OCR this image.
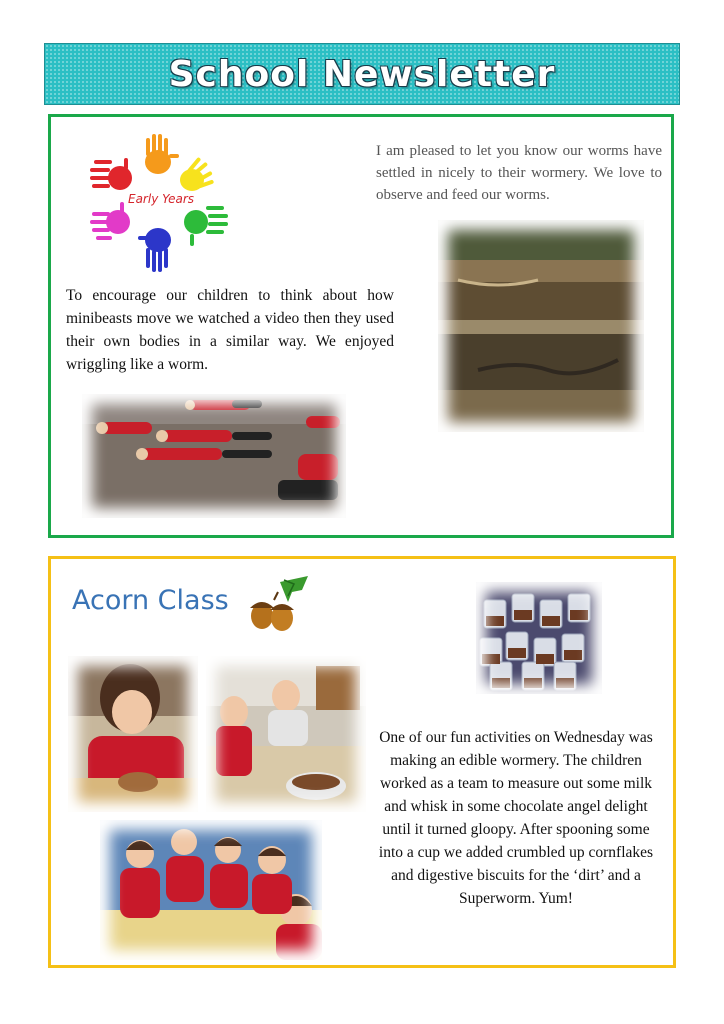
School Newsletter
Early Years
I am pleased to let you know our worms have settled in nicely to their wormery. We love to observe and feed our worms.
To encourage our children to think about how minibeasts move we watched a video then they used their own bodies in a similar way. We enjoyed wriggling like a worm.
Acorn Class
One of our fun activities on Wednesday was making an edible wormery. The children worked as a team to measure out some milk and whisk in some chocolate angel delight until it turned gloopy. After spooning some into a cup we added crumbled up cornflakes and digestive biscuits for the ‘dirt’ and a Superworm. Yum!
